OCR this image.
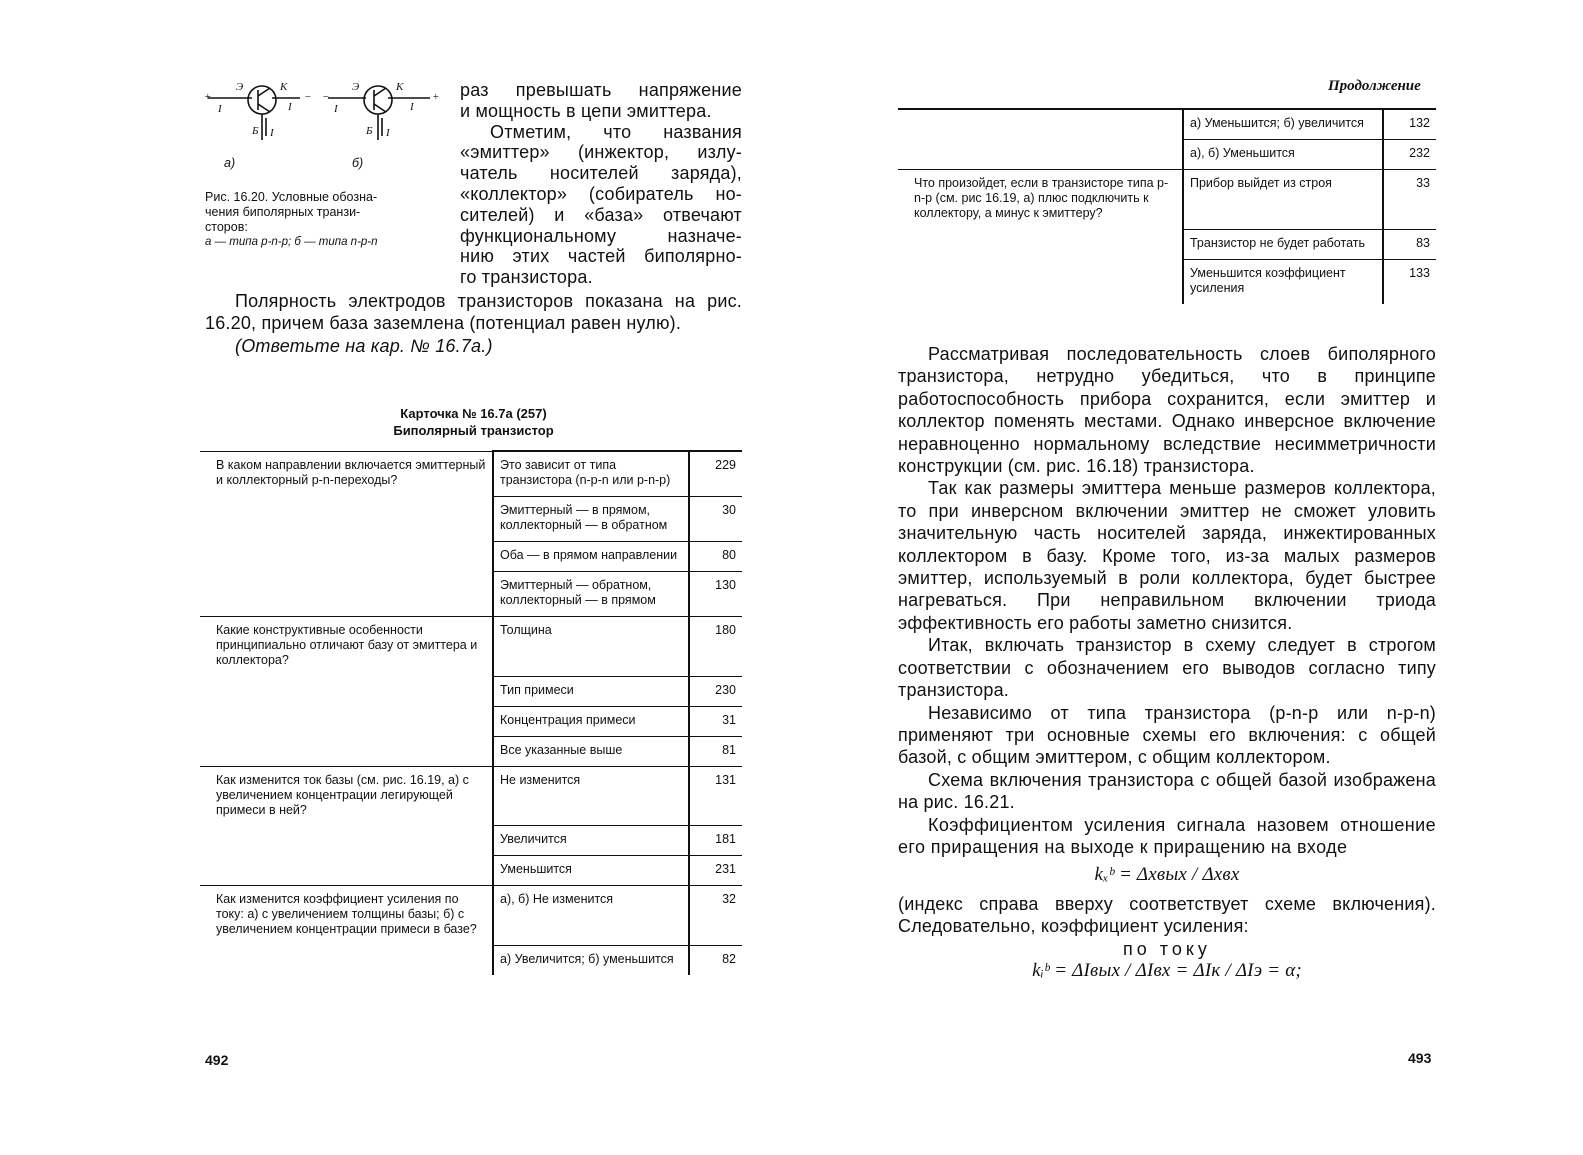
+
Э	К
I	I
Б I
− −
Э	К
I	I
Б I
+
а)	б)
Рис. 16.20. Условные обозна-
чения биполярных транзи-
сторов:
а — типа p-n-p; б — типа n-p-n
раз превышать напряжение
и мощность в цепи эмиттера.
Отметим, что названия
«эмиттер» (инжектор, излу-
чатель носителей заряда),
«коллектор» (собиратель но-
сителей) и «база» отвечают
функциональному назначе-
нию этих частей биполярно-
го транзистора.

Полярность электродов транзисторов показана на рис. 16.20, причем база заземлена (потенциал равен нулю).

(Ответьте на кар. № 16.7а.)

Карточка № 16.7а (257)
Биполярный транзистор
В каком направлении включается эмиттерный и коллекторный p-n-переходы?	Это зависит от типа транзистора (n-p-n или p-n-p)	229
	Эмиттерный — в прямом, коллекторный — в обратном	30
	Оба — в прямом направлении	80
	Эмиттерный — обратном, коллекторный — в прямом	130
Какие конструктивные особенности принципиально отличают базу от эмиттера и коллектора?	Толщина	180
	Тип примеси	230
	Концентрация примеси	31
	Все указанные выше	81
Как изменится ток базы (см. рис. 16.19, а) с увеличением концентрации легирующей примеси в ней?	Не изменится	131
	Увеличится	181
	Уменьшится	231
Как изменится коэффициент усиления по току: а) с увеличением толщины базы; б) с увеличением концентрации примеси в базе?	а), б) Не изменится	32
	а) Увеличится; б) уменьшится	82
492
Продолжение
	а) Уменьшится; б) увеличится	132
	а), б) Уменьшится	232
Что произойдет, если в транзисторе типа p-n-p (см. рис 16.19, а) плюс подключить к коллектору, а минус к эмиттеру?	Прибор выйдет из строя	33
	Транзистор не будет работать	83
	Уменьшится коэффициент усиления	133

Рассматривая последовательность слоев биполярного транзистора, нетрудно убедиться, что в принципе работоспособность прибора сохранится, если эмиттер и коллектор поменять местами. Однако инверсное включение неравноценно нормальному вследствие несимметричности конструкции (см. рис. 16.18) транзистора.

Так как размеры эмиттера меньше размеров коллектора, то при инверсном включении эмиттер не сможет уловить значительную часть носителей заряда, инжектированных коллектором в базу. Кроме того, из-за малых размеров эмиттер, используемый в роли коллектора, будет быстрее нагреваться. При неправильном включении триода эффективность его работы заметно снизится.

Итак, включать транзистор в схему следует в строгом соответствии с обозначением его выводов согласно типу транзистора.

Независимо от типа транзистора (p-n-p или n-p-n) применяют три основные схемы его включения: с общей базой, с общим эмиттером, с общим коллектором.

Схема включения транзистора с общей базой изображена на рис. 16.21.

Коэффициентом усиления сигнала назовем отношение его приращения на выходе к приращению на входе

kₓᵇ = Δxвых / Δxвх

(индекс справа вверху соответствует схеме включения). Следовательно, коэффициент усиления:

по току
kᵢᵇ = ΔIвых / ΔIвх = ΔIк / ΔIэ = α;
493
